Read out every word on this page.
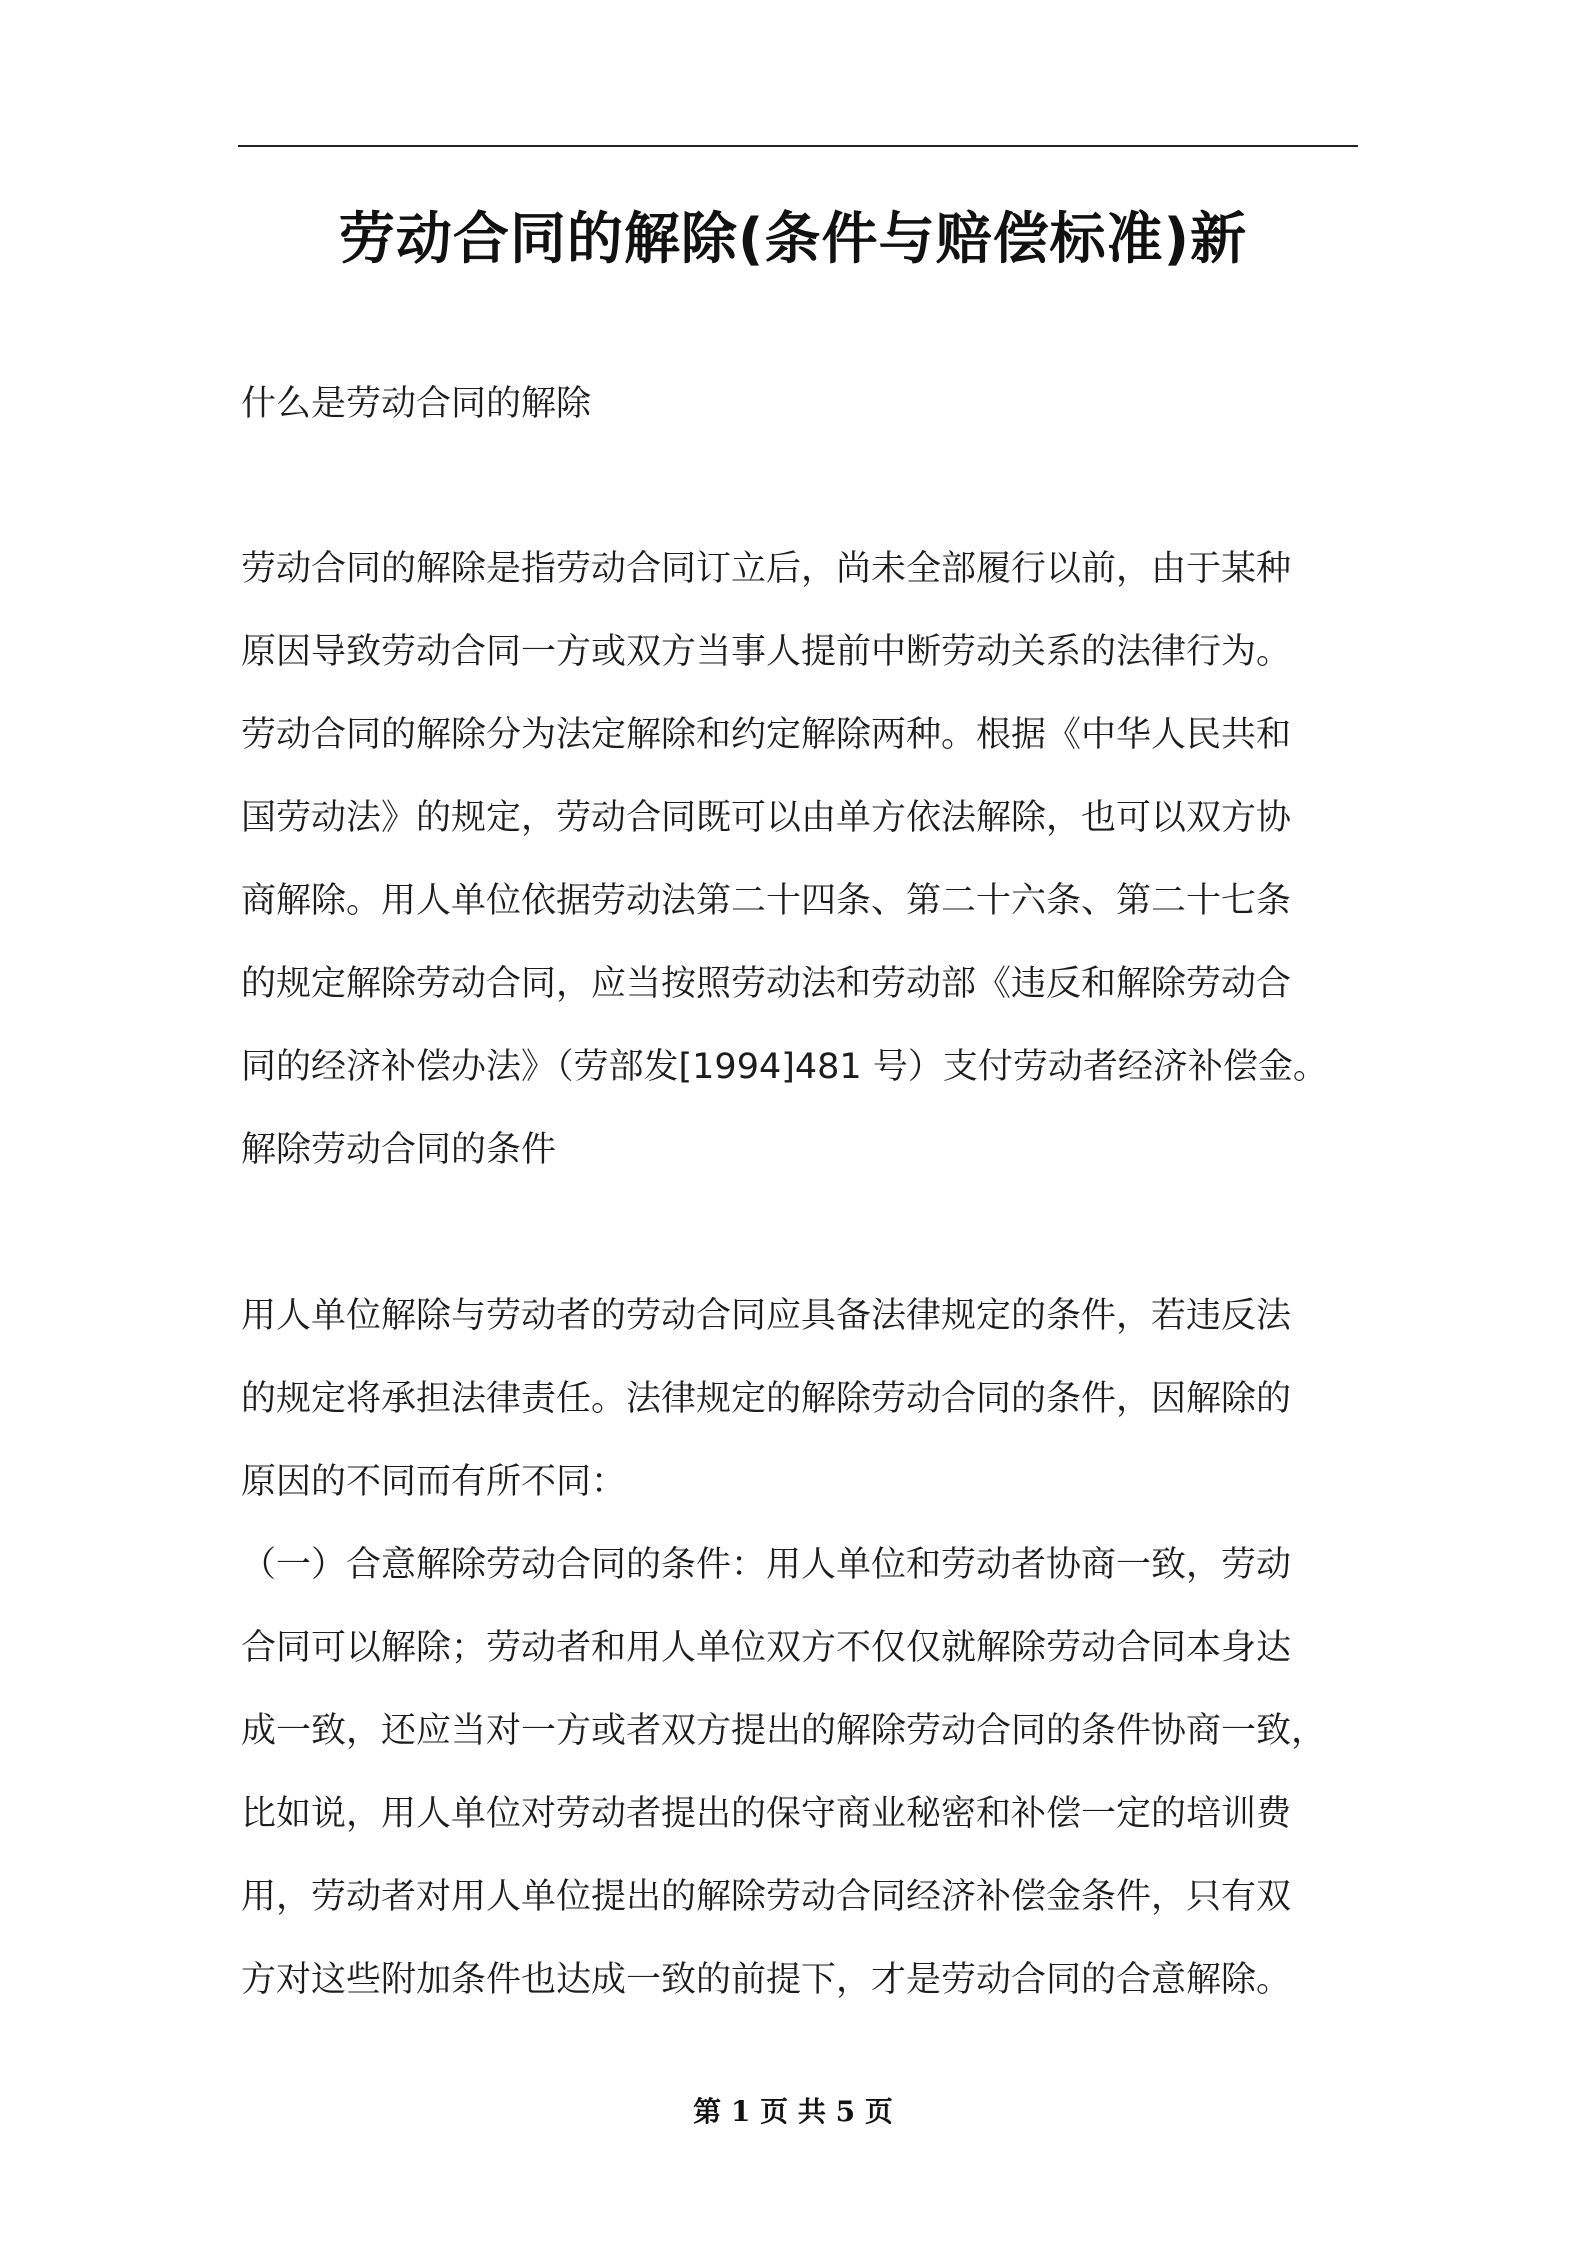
劳动合同的解除(条件与赔偿标准)新

什么是劳动合同的解除

劳动合同的解除是指劳动合同订立后，尚未全部履行以前，由于某种

原因导致劳动合同一方或双方当事人提前中断劳动关系的法律行为。

劳动合同的解除分为法定解除和约定解除两种。根据《中华人民共和

国劳动法》的规定，劳动合同既可以由单方依法解除，也可以双方协

商解除。用人单位依据劳动法第二十四条、第二十六条、第二十七条

的规定解除劳动合同，应当按照劳动法和劳动部《违反和解除劳动合

同的经济补偿办法》（劳部发[1994]481 号）支付劳动者经济补偿金。

解除劳动合同的条件

用人单位解除与劳动者的劳动合同应具备法律规定的条件，若违反法

的规定将承担法律责任。法律规定的解除劳动合同的条件，因解除的

原因的不同而有所不同：

（一）合意解除劳动合同的条件：用人单位和劳动者协商一致，劳动

合同可以解除；劳动者和用人单位双方不仅仅就解除劳动合同本身达

成一致，还应当对一方或者双方提出的解除劳动合同的条件协商一致，

比如说，用人单位对劳动者提出的保守商业秘密和补偿一定的培训费

用，劳动者对用人单位提出的解除劳动合同经济补偿金条件，只有双

方对这些附加条件也达成一致的前提下，才是劳动合同的合意解除。

第 1 页 共 5 页
